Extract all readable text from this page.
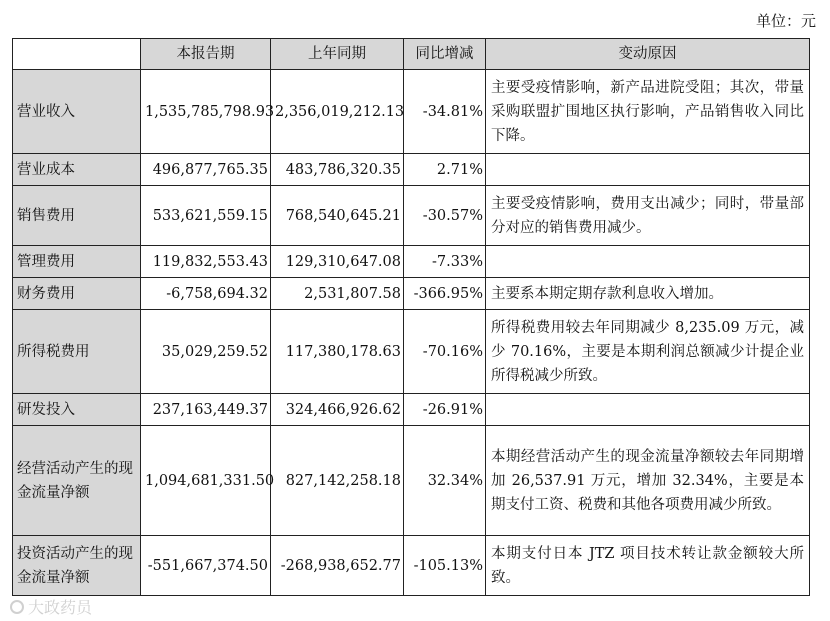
单位：元
	本报告期	上年同期	同比增减	变动原因
营业收入	1,535,785,798.93	2,356,019,212.13	-34.81%	主要受疫情影响，新产品进院受阻；其次，带量采购联盟扩围地区执行影响，产品销售收入同比下降。
营业成本	496,877,765.35	483,786,320.35	2.71%	
销售费用	533,621,559.15	768,540,645.21	-30.57%	主要受疫情影响，费用支出减少；同时，带量部分对应的销售费用减少。
管理费用	119,832,553.43	129,310,647.08	-7.33%	
财务费用	-6,758,694.32	2,531,807.58	-366.95%	主要系本期定期存款利息收入增加。
所得税费用	35,029,259.52	117,380,178.63	-70.16%	所得税费用较去年同期减少 8,235.09 万元，减少 70.16%，主要是本期利润总额减少计提企业所得税减少所致。
研发投入	237,163,449.37	324,466,926.62	-26.91%	
经营活动产生的现金流量净额	1,094,681,331.50	827,142,258.18	32.34%	本期经营活动产生的现金流量净额较去年同期增加 26,537.91 万元，增加 32.34%，主要是本期支付工资、税费和其他各项费用减少所致。
投资活动产生的现金流量净额	-551,667,374.50	-268,938,652.77	-105.13%	本期支付日本 JTZ 项目技术转让款金额较大所致。
大政药员
